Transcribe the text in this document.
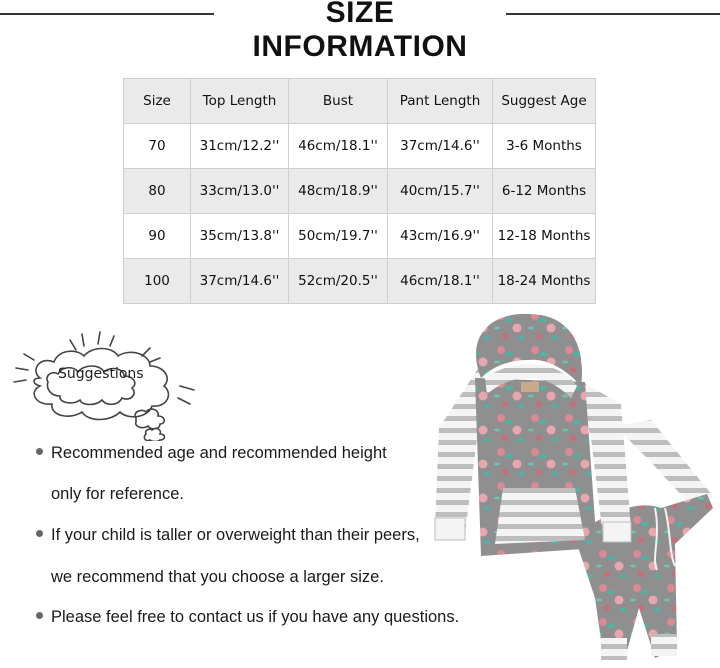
SIZE INFORMATION
Size	Top Length	Bust	Pant Length	Suggest Age
70	31cm/12.2''	46cm/18.1''	37cm/14.6''	3-6 Months
80	33cm/13.0''	48cm/18.9''	40cm/15.7''	6-12 Months
90	35cm/13.8''	50cm/19.7''	43cm/16.9''	12-18 Months
100	37cm/14.6''	52cm/20.5''	46cm/18.1''	18-24 Months
Suggestions
Recommended age and recommended height
only for reference.
If your child is taller or overweight than their peers,
we recommend that you choose a larger size.
Please feel free to contact us if you have any questions.
